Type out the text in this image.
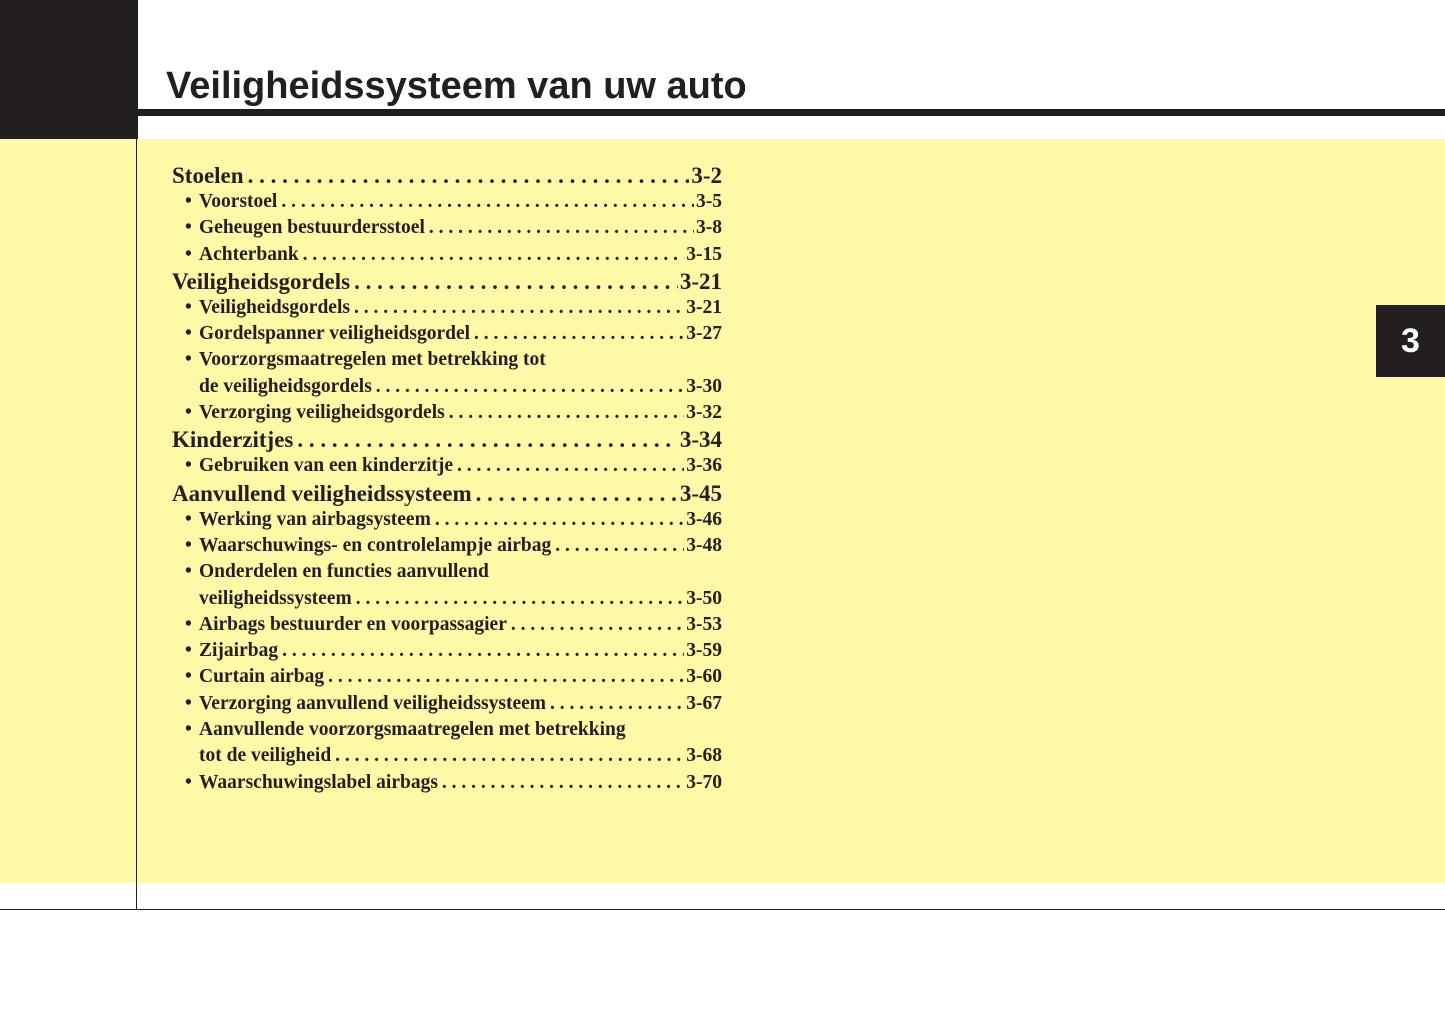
Veiligheidssysteem van uw auto
3
Stoelen . . .	3-2
• Voorstoel . . .	3-5
• Geheugen bestuurdersstoel . . .	3-8
• Achterbank . . .	3-15
Veiligheidsgordels . . .	3-21
• Veiligheidsgordels . . .	3-21
• Gordelspanner veiligheidsgordel . . .	3-27
• Voorzorgsmaatregelen met betrekking tot
de veiligheidsgordels . . .	3-30
• Verzorging veiligheidsgordels . . .	3-32
Kinderzitjes . . .	3-34
• Gebruiken van een kinderzitje . . .	3-36
Aanvullend veiligheidssysteem . . .	3-45
• Werking van airbagsysteem . . .	3-46
• Waarschuwings- en controlelampje airbag . . .	3-48
• Onderdelen en functies aanvullend
veiligheidssysteem . . .	3-50
• Airbags bestuurder en voorpassagier . . .	3-53
• Zijairbag . . .	3-59
• Curtain airbag . . .	3-60
• Verzorging aanvullend veiligheidssysteem . . .	3-67
• Aanvullende voorzorgsmaatregelen met betrekking
tot de veiligheid . . .	3-68
• Waarschuwingslabel airbags . . .	3-70
